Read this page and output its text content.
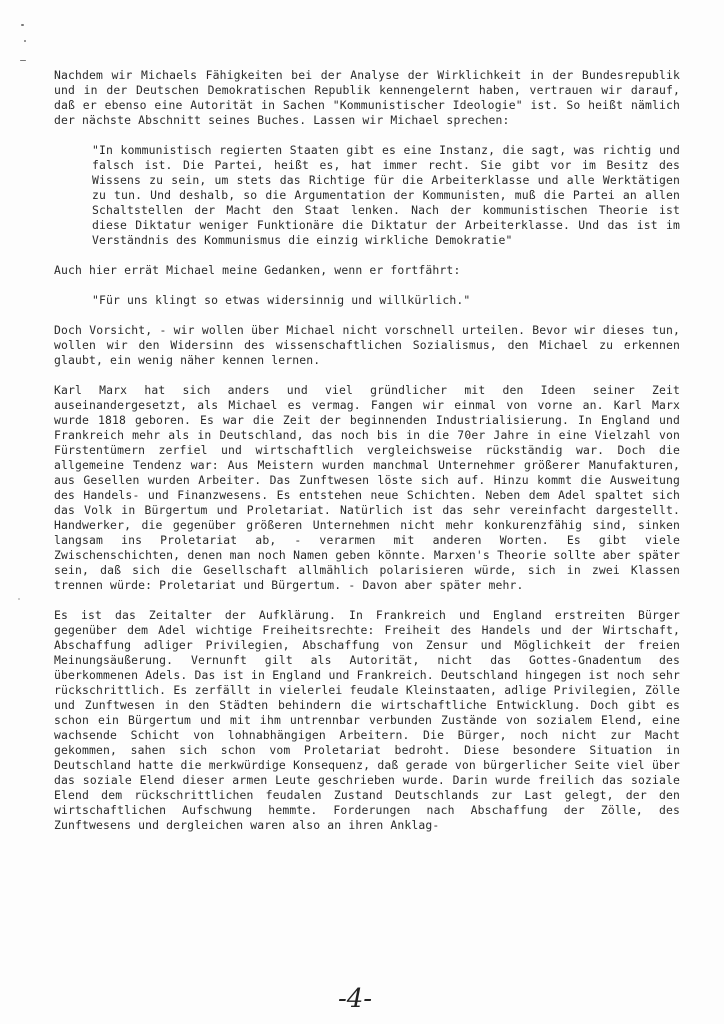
Nachdem wir Michaels Fähigkeiten bei der Analyse der Wirklichkeit in der Bundesrepublik und in der Deutschen Demokratischen Republik kennengelernt haben, vertrauen wir darauf, daß er ebenso eine Autorität in Sachen "Kommunistischer Ideologie" ist. So heißt nämlich der nächste Abschnitt seines Buches. Lassen wir Michael sprechen:

"In kommunistisch regierten Staaten gibt es eine Instanz, die sagt, was richtig und falsch ist. Die Partei, heißt es, hat immer recht. Sie gibt vor im Besitz des Wissens zu sein, um stets das Richtige für die Arbeiterklasse und alle Werktätigen zu tun. Und deshalb, so die Argumentation der Kommunisten, muß die Partei an allen Schaltstellen der Macht den Staat lenken. Nach der kommunistischen Theorie ist diese Diktatur weniger Funktionäre die Diktatur der Arbeiterklasse. Und das ist im Verständnis des Kommunismus die einzig wirkliche Demokratie"

Auch hier errät Michael meine Gedanken, wenn er fortfährt:

"Für uns klingt so etwas widersinnig und willkürlich."

Doch Vorsicht, - wir wollen über Michael nicht vorschnell urteilen. Bevor wir dieses tun, wollen wir den Widersinn des wissenschaftlichen Sozialismus, den Michael zu erkennen glaubt, ein wenig näher kennen lernen.

Karl Marx hat sich anders und viel gründlicher mit den Ideen seiner Zeit auseinandergesetzt, als Michael es vermag. Fangen wir einmal von vorne an. Karl Marx wurde 1818 geboren. Es war die Zeit der beginnenden Industrialisierung. In England und Frankreich mehr als in Deutschland, das noch bis in die 70er Jahre in eine Vielzahl von Fürstentümern zerfiel und wirtschaftlich vergleichsweise rückständig war. Doch die allgemeine Tendenz war: Aus Meistern wurden manchmal Unternehmer größerer Manufakturen, aus Gesellen wurden Arbeiter. Das Zunftwesen löste sich auf. Hinzu kommt die Ausweitung des Handels- und Finanzwesens. Es entstehen neue Schichten. Neben dem Adel spaltet sich das Volk in Bürgertum und Proletariat. Natürlich ist das sehr vereinfacht dargestellt. Handwerker, die gegenüber größeren Unternehmen nicht mehr konkurenzfähig sind, sinken langsam ins Proletariat ab, - verarmen mit anderen Worten. Es gibt viele Zwischenschichten, denen man noch Namen geben könnte. Marxen's Theorie sollte aber später sein, daß sich die Gesellschaft allmählich polarisieren würde, sich in zwei Klassen trennen würde: Proletariat und Bürgertum. - Davon aber später mehr.

Es ist das Zeitalter der Aufklärung. In Frankreich und England erstreiten Bürger gegenüber dem Adel wichtige Freiheitsrechte: Freiheit des Handels und der Wirtschaft, Abschaffung adliger Privilegien, Abschaffung von Zensur und Möglichkeit der freien Meinungsäußerung. Vernunft gilt als Autorität, nicht das Gottes-Gnadentum des überkommenen Adels. Das ist in England und Frankreich. Deutschland hingegen ist noch sehr rückschrittlich. Es zerfällt in vielerlei feudale Kleinstaaten, adlige Privilegien, Zölle und Zunftwesen in den Städten behindern die wirtschaftliche Entwicklung. Doch gibt es schon ein Bürgertum und mit ihm untrennbar verbunden Zustände von sozialem Elend, eine wachsende Schicht von lohnabhängigen Arbeitern. Die Bürger, noch nicht zur Macht gekommen, sahen sich schon vom Proletariat bedroht. Diese besondere Situation in Deutschland hatte die merkwürdige Konsequenz, daß gerade von bürgerlicher Seite viel über das soziale Elend dieser armen Leute geschrieben wurde. Darin wurde freilich das soziale Elend dem rückschrittlichen feudalen Zustand Deutschlands zur Last gelegt, der den wirtschaftlichen Aufschwung hemmte. Forderungen nach Abschaffung der Zölle, des Zunftwesens und dergleichen waren also an ihren Anklag-

-4-
